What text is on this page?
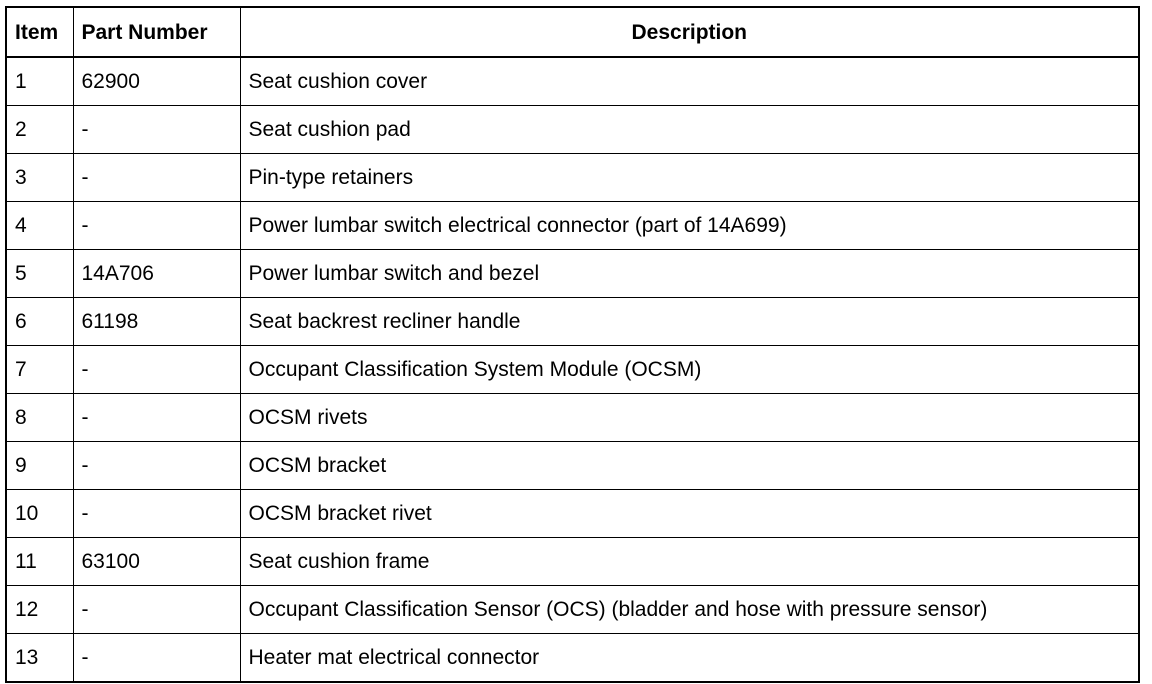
Item	Part Number	Description
1	62900	Seat cushion cover
2	-	Seat cushion pad
3	-	Pin-type retainers
4	-	Power lumbar switch electrical connector (part of 14A699)
5	14A706	Power lumbar switch and bezel
6	61198	Seat backrest recliner handle
7	-	Occupant Classification System Module (OCSM)
8	-	OCSM rivets
9	-	OCSM bracket
10	-	OCSM bracket rivet
11	63100	Seat cushion frame
12	-	Occupant Classification Sensor (OCS) (bladder and hose with pressure sensor)
13	-	Heater mat electrical connector
